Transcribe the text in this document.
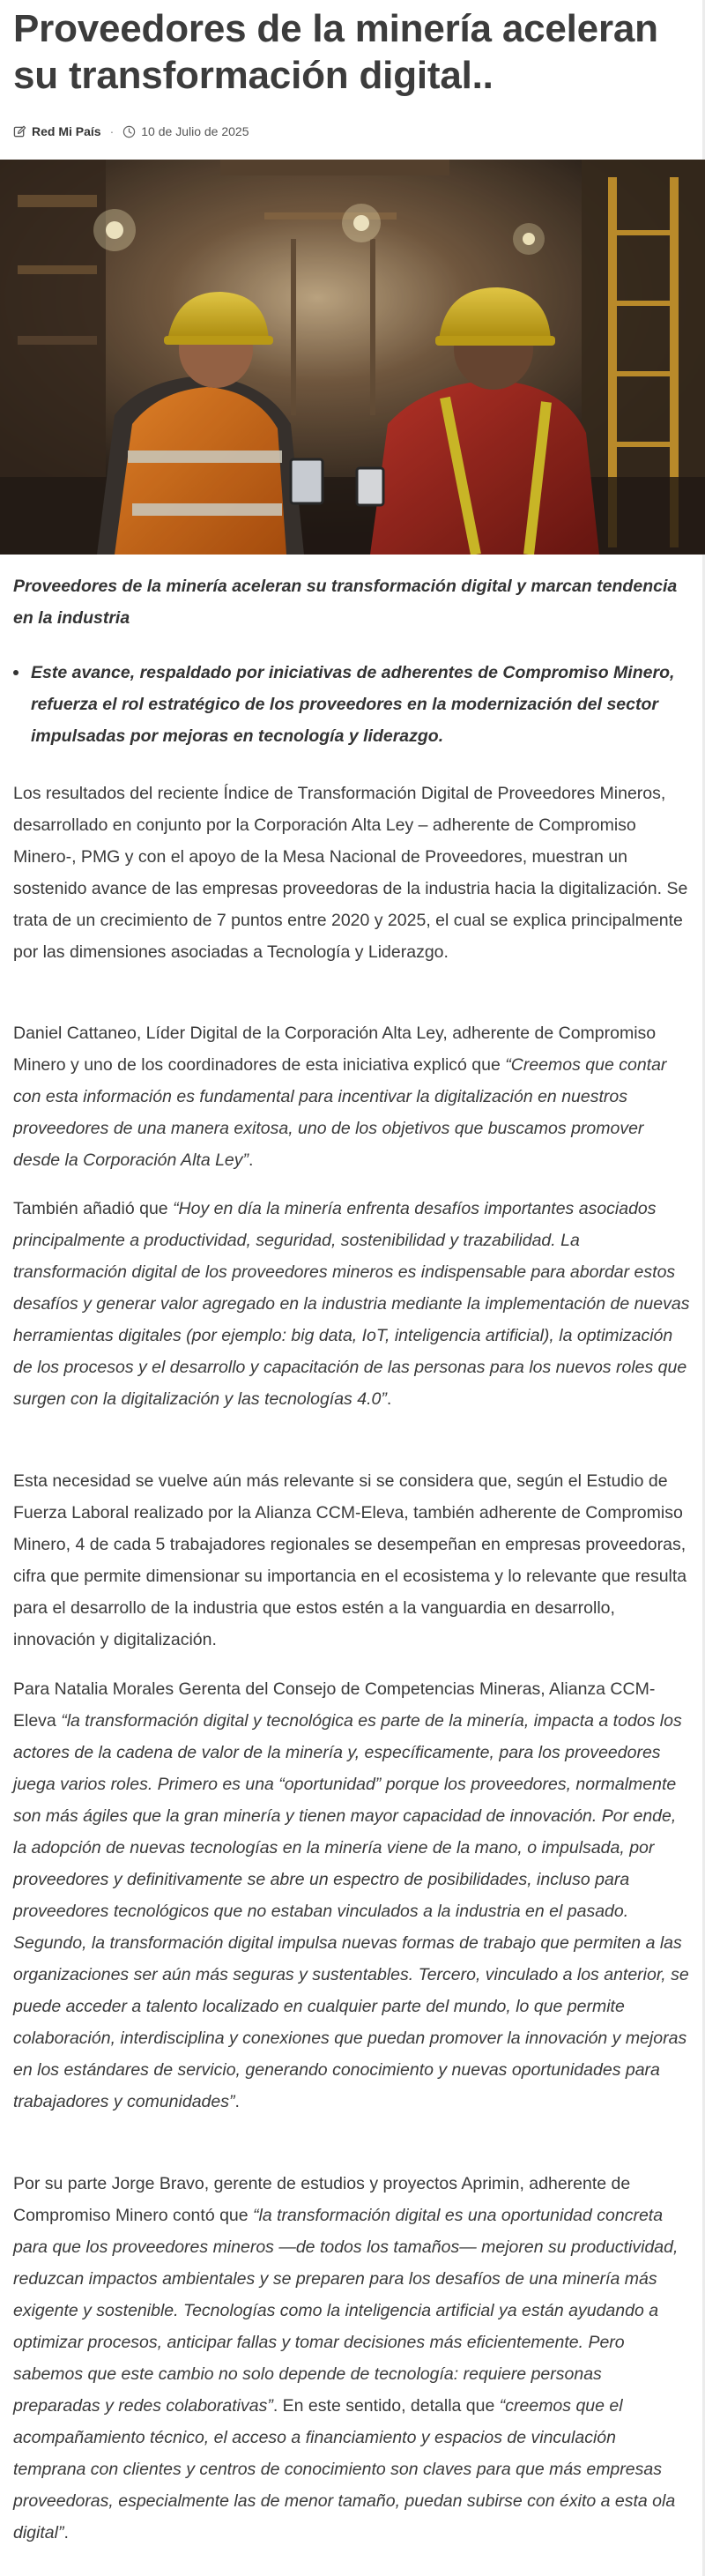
Proveedores de la minería aceleran su transformación digital..
Red Mi País · 10 de Julio de 2025

Proveedores de la minería aceleran su transformación digital y marcan tendencia en la industria

Este avance, respaldado por iniciativas de adherentes de Compromiso Minero, refuerza el rol estratégico de los proveedores en la modernización del sector impulsadas por mejoras en tecnología y liderazgo.

Los resultados del reciente Índice de Transformación Digital de Proveedores Mineros, desarrollado en conjunto por la Corporación Alta Ley – adherente de Compromiso Minero-, PMG y con el apoyo de la Mesa Nacional de Proveedores, muestran un sostenido avance de las empresas proveedoras de la industria hacia la digitalización. Se trata de un crecimiento de 7 puntos entre 2020 y 2025, el cual se explica principalmente por las dimensiones asociadas a Tecnología y Liderazgo.

Daniel Cattaneo, Líder Digital de la Corporación Alta Ley, adherente de Compromiso Minero y uno de los coordinadores de esta iniciativa explicó que “Creemos que contar con esta información es fundamental para incentivar la digitalización en nuestros proveedores de una manera exitosa, uno de los objetivos que buscamos promover desde la Corporación Alta Ley”.

También añadió que “Hoy en día la minería enfrenta desafíos importantes asociados principalmente a productividad, seguridad, sostenibilidad y trazabilidad. La transformación digital de los proveedores mineros es indispensable para abordar estos desafíos y generar valor agregado en la industria mediante la implementación de nuevas herramientas digitales (por ejemplo: big data, IoT, inteligencia artificial), la optimización de los procesos y el desarrollo y capacitación de las personas para los nuevos roles que surgen con la digitalización y las tecnologías 4.0”.

Esta necesidad se vuelve aún más relevante si se considera que, según el Estudio de Fuerza Laboral realizado por la Alianza CCM-Eleva, también adherente de Compromiso Minero, 4 de cada 5 trabajadores regionales se desempeñan en empresas proveedoras, cifra que permite dimensionar su importancia en el ecosistema y lo relevante que resulta para el desarrollo de la industria que estos estén a la vanguardia en desarrollo, innovación y digitalización.

Para Natalia Morales Gerenta del Consejo de Competencias Mineras, Alianza CCM-Eleva “la transformación digital y tecnológica es parte de la minería, impacta a todos los actores de la cadena de valor de la minería y, específicamente, para los proveedores juega varios roles. Primero es una “oportunidad” porque los proveedores, normalmente son más ágiles que la gran minería y tienen mayor capacidad de innovación. Por ende, la adopción de nuevas tecnologías en la minería viene de la mano, o impulsada, por proveedores y definitivamente se abre un espectro de posibilidades, incluso para proveedores tecnológicos que no estaban vinculados a la industria en el pasado. Segundo, la transformación digital impulsa nuevas formas de trabajo que permiten a las organizaciones ser aún más seguras y sustentables. Tercero, vinculado a los anterior, se puede acceder a talento localizado en cualquier parte del mundo, lo que permite colaboración, interdisciplina y conexiones que puedan promover la innovación y mejoras en los estándares de servicio, generando conocimiento y nuevas oportunidades para trabajadores y comunidades”.

Por su parte Jorge Bravo, gerente de estudios y proyectos Aprimin, adherente de Compromiso Minero contó que “la transformación digital es una oportunidad concreta para que los proveedores mineros —de todos los tamaños— mejoren su productividad, reduzcan impactos ambientales y se preparen para los desafíos de una minería más exigente y sostenible. Tecnologías como la inteligencia artificial ya están ayudando a optimizar procesos, anticipar fallas y tomar decisiones más eficientemente. Pero sabemos que este cambio no solo depende de tecnología: requiere personas preparadas y redes colaborativas”. En este sentido, detalla que “creemos que el acompañamiento técnico, el acceso a financiamiento y espacios de vinculación temprana con clientes y centros de conocimiento son claves para que más empresas proveedoras, especialmente las de menor tamaño, puedan subirse con éxito a esta ola digital”.
